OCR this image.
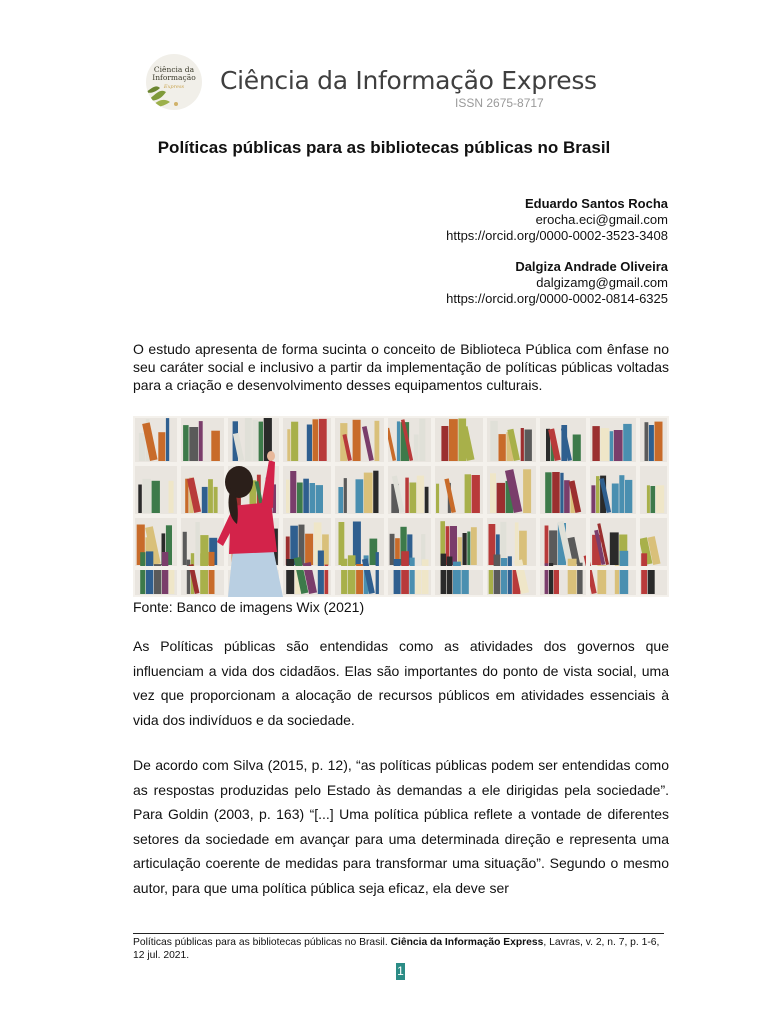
Ciência da Informação
Express	Ciência da Informação Express
ISSN 2675-8717
Políticas públicas para as bibliotecas públicas no Brasil
Eduardo Santos Rocha
erocha.eci@gmail.com
https://orcid.org/0000-0002-3523-3408
Dalgiza Andrade Oliveira
dalgizamg@gmail.com
https://orcid.org/0000-0002-0814-6325
O estudo apresenta de forma sucinta o conceito de Biblioteca Pública com ênfase no seu caráter social e inclusivo a partir da implementação de políticas públicas voltadas para a criação e desenvolvimento desses equipamentos culturais.
Fonte: Banco de imagens Wix (2021)
As Políticas públicas são entendidas como as atividades dos governos que influenciam a vida dos cidadãos. Elas são importantes do ponto de vista social, uma vez que proporcionam a alocação de recursos públicos em atividades essenciais à vida dos indivíduos e da sociedade.
De acordo com Silva (2015, p. 12), “as políticas públicas podem ser entendidas como as respostas produzidas pelo Estado às demandas a ele dirigidas pela sociedade”. Para Goldin (2003, p. 163) “[...] Uma política pública reflete a vontade de diferentes setores da sociedade em avançar para uma determinada direção e representa uma articulação coerente de medidas para transformar uma situação”. Segundo o mesmo autor, para que uma política pública seja eficaz, ela deve ser
Políticas públicas para as bibliotecas públicas no Brasil. Ciência da Informação Express, Lavras, v. 2, n. 7, p. 1-6, 12 jul. 2021.
1
